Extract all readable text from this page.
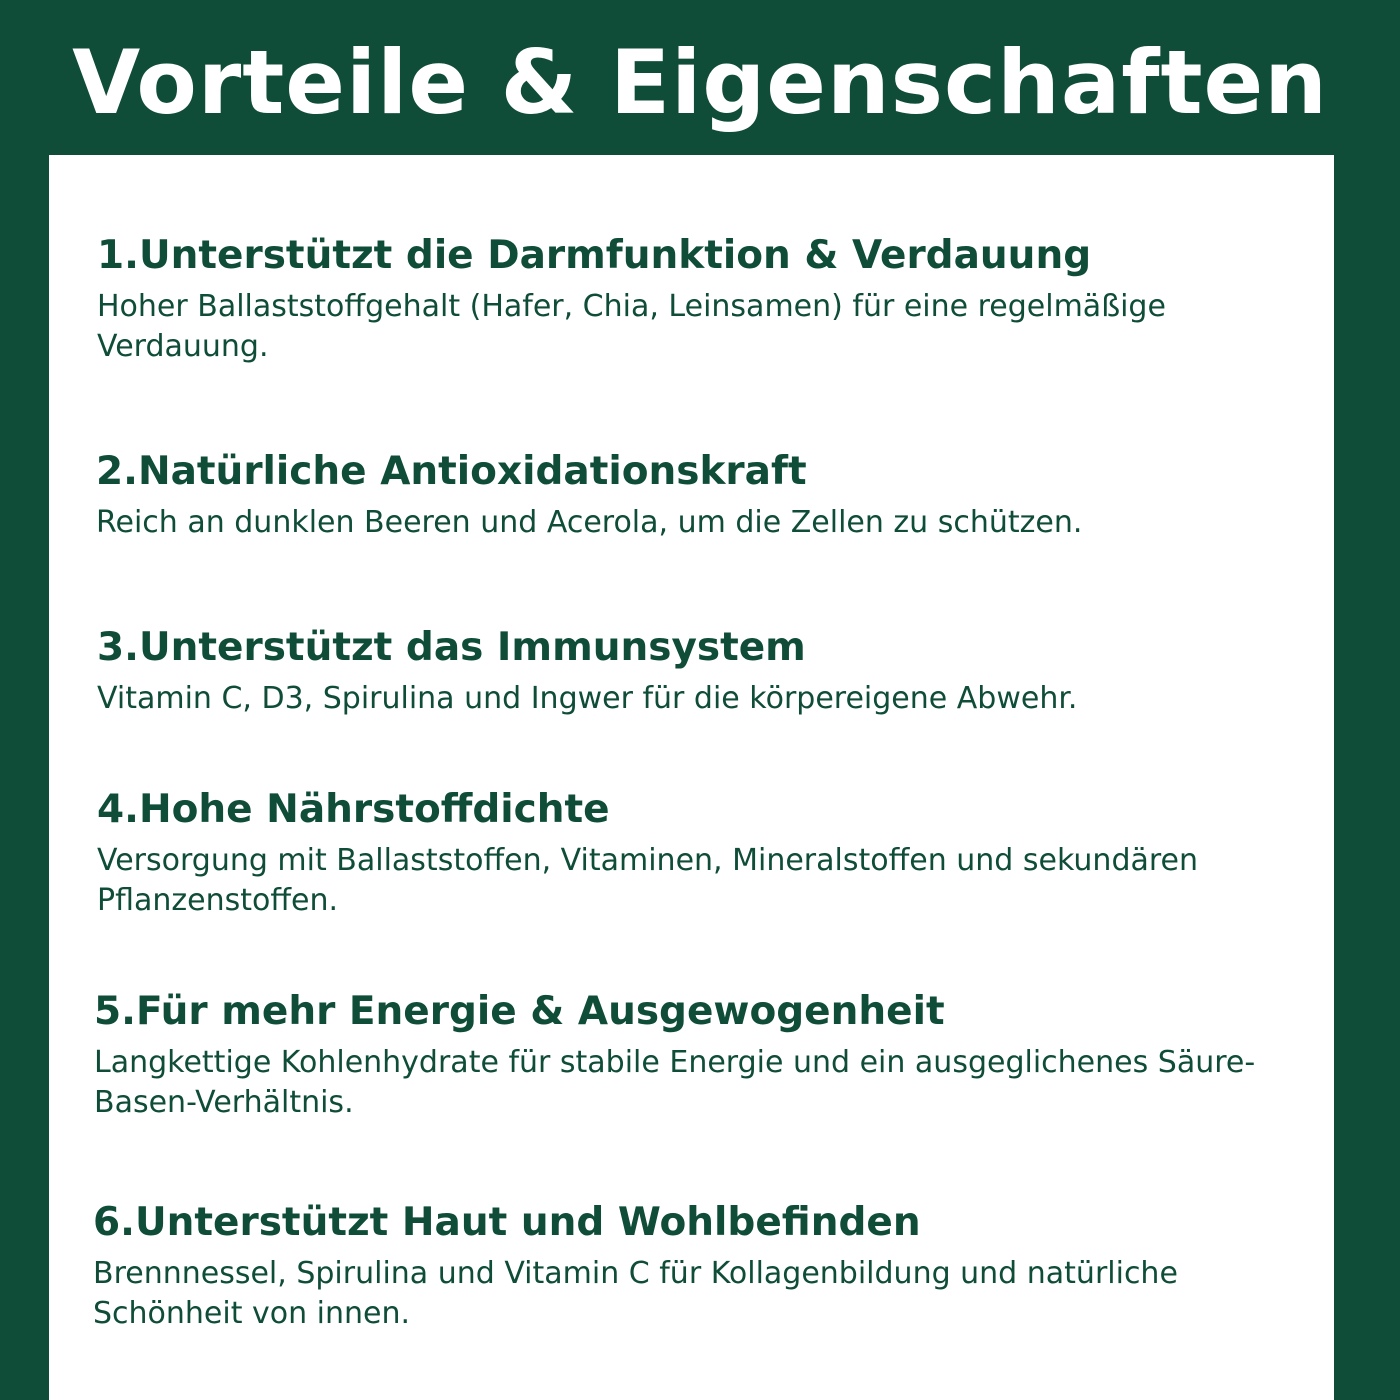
Vorteile & Eigenschaften
1.Unterstützt die Darmfunktion & Verdauung

Hoher Ballaststoffgehalt (Hafer, Chia, Leinsamen) für eine regelmäßige Verdauung.

2.Natürliche Antioxidationskraft

Reich an dunklen Beeren und Acerola, um die Zellen zu schützen.

3.Unterstützt das Immunsystem

Vitamin C, D3, Spirulina und Ingwer für die körpereigene Abwehr.

4.Hohe Nährstoffdichte

Versorgung mit Ballaststoffen, Vitaminen, Mineralstoffen und sekundären Pflanzenstoffen.

5.Für mehr Energie & Ausgewogenheit

Langkettige Kohlenhydrate für stabile Energie und ein ausgeglichenes Säure-Basen-Verhältnis.

6.Unterstützt Haut und Wohlbefinden

Brennnessel, Spirulina und Vitamin C für Kollagenbildung und natürliche Schönheit von innen.
